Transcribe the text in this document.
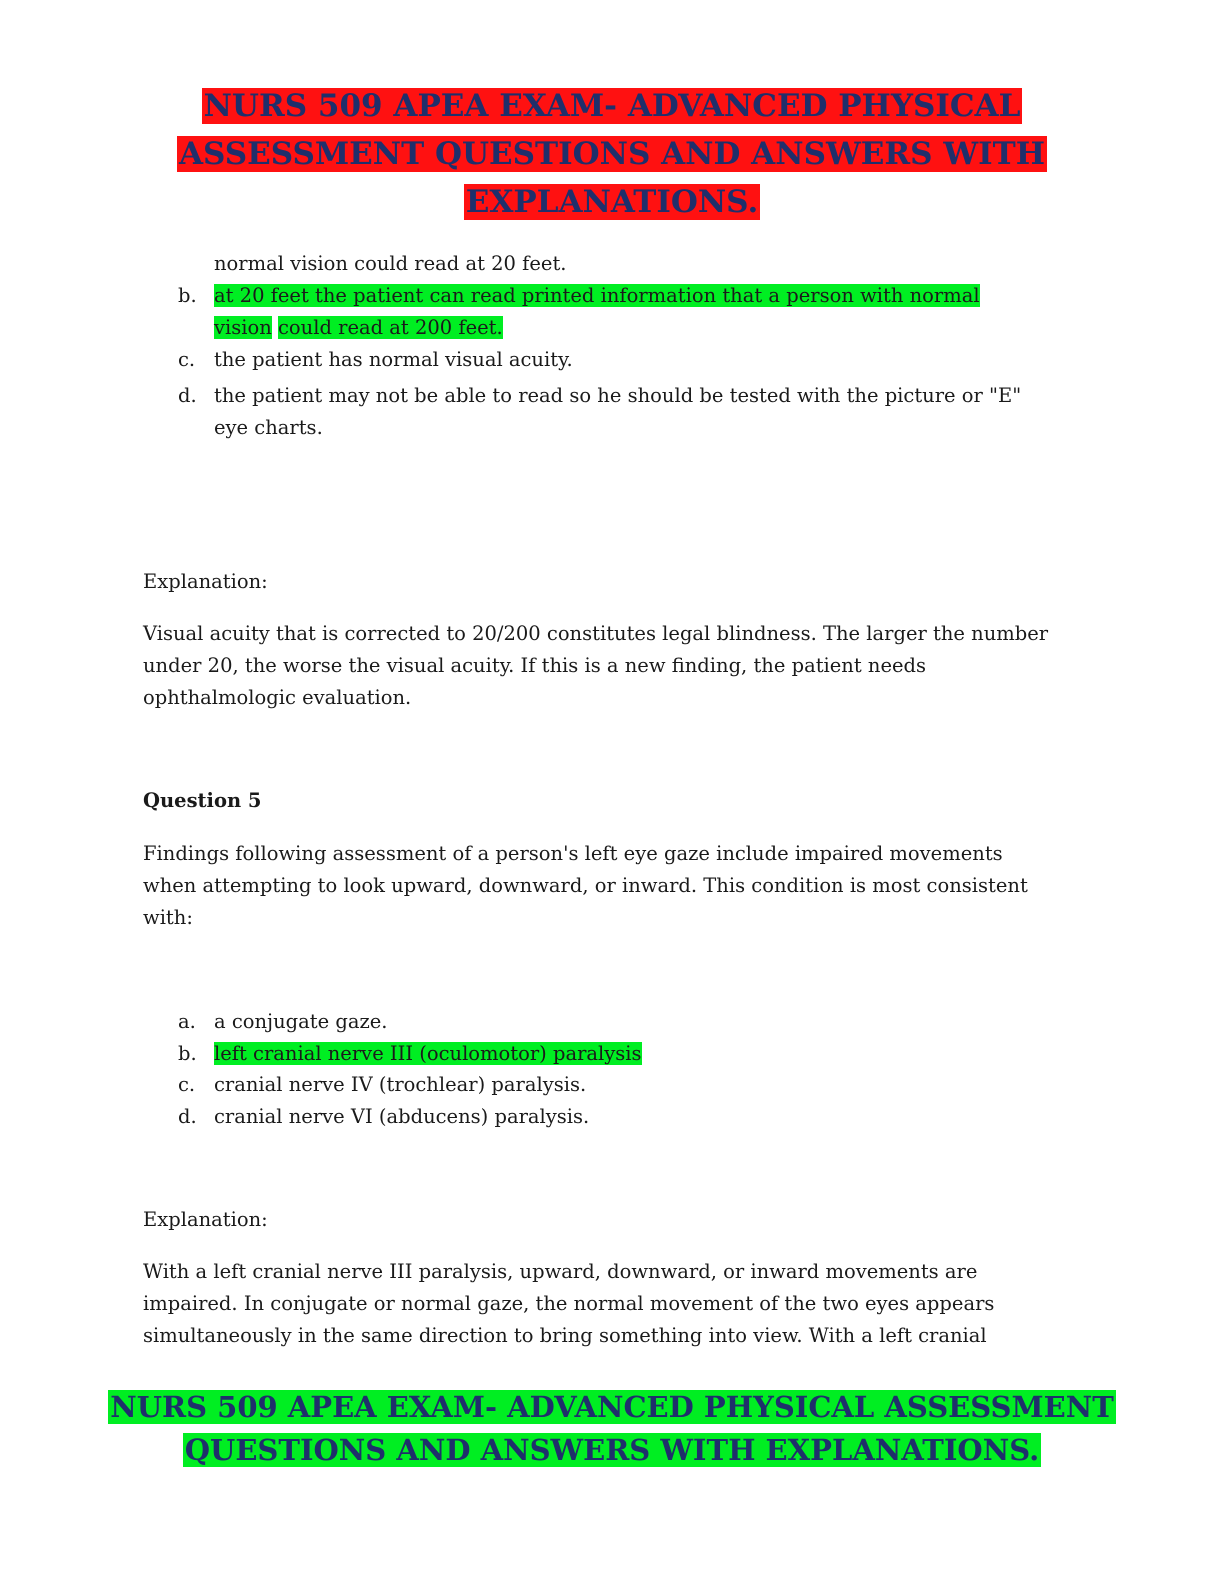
NURS 509 APEA EXAM- ADVANCED PHYSICAL
ASSESSMENT QUESTIONS AND ANSWERS WITH
EXPLANATIONS.
normal vision could read at 20 feet.
b. at 20 feet the patient can read printed information that a person with normal
vision could read at 200 feet.
c. the patient has normal visual acuity.
d. the patient may not be able to read so he should be tested with the picture or "E"
eye charts.
Explanation:
Visual acuity that is corrected to 20/200 constitutes legal blindness. The larger the number
under 20, the worse the visual acuity. If this is a new finding, the patient needs
ophthalmologic evaluation.
Question 5
Findings following assessment of a person's left eye gaze include impaired movements
when attempting to look upward, downward, or inward. This condition is most consistent
with:
a. a conjugate gaze.
b. left cranial nerve III (oculomotor) paralysis
c. cranial nerve IV (trochlear) paralysis.
d. cranial nerve VI (abducens) paralysis.
Explanation:
With a left cranial nerve III paralysis, upward, downward, or inward movements are
impaired. In conjugate or normal gaze, the normal movement of the two eyes appears
simultaneously in the same direction to bring something into view. With a left cranial
NURS 509 APEA EXAM- ADVANCED PHYSICAL ASSESSMENT
QUESTIONS AND ANSWERS WITH EXPLANATIONS.
